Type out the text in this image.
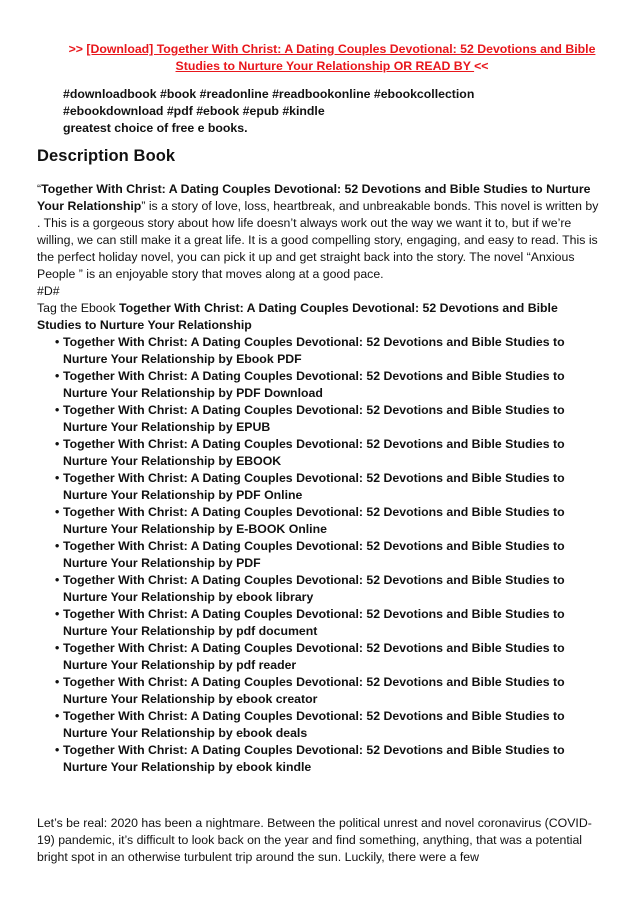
>> [Download] Together With Christ: A Dating Couples Devotional: 52 Devotions and Bible Studies to Nurture Your Relationship OR READ BY <<
#downloadbook #book #readonline #readbookonline #ebookcollection
#ebookdownload #pdf #ebook #epub #kindle
greatest choice of free e books.
Description Book

“Together With Christ: A Dating Couples Devotional: 52 Devotions and Bible Studies to Nurture Your Relationship” is a story of love, loss, heartbreak, and unbreakable bonds. This novel is written by . This is a gorgeous story about how life doesn’t always work out the way we want it to, but if we’re willing, we can still make it a great life. It is a good compelling story, engaging, and easy to read. This is the perfect holiday novel, you can pick it up and get straight back into the story. The novel “Anxious People ” is an enjoyable story that moves along at a good pace.

#D#

Tag the Ebook Together With Christ: A Dating Couples Devotional: 52 Devotions and Bible Studies to Nurture Your Relationship

• Together With Christ: A Dating Couples Devotional: 52 Devotions and Bible Studies to Nurture Your Relationship by Ebook PDF
• Together With Christ: A Dating Couples Devotional: 52 Devotions and Bible Studies to Nurture Your Relationship by PDF Download
• Together With Christ: A Dating Couples Devotional: 52 Devotions and Bible Studies to Nurture Your Relationship by EPUB
• Together With Christ: A Dating Couples Devotional: 52 Devotions and Bible Studies to Nurture Your Relationship by EBOOK
• Together With Christ: A Dating Couples Devotional: 52 Devotions and Bible Studies to Nurture Your Relationship by PDF Online
• Together With Christ: A Dating Couples Devotional: 52 Devotions and Bible Studies to Nurture Your Relationship by E-BOOK Online
• Together With Christ: A Dating Couples Devotional: 52 Devotions and Bible Studies to Nurture Your Relationship by PDF
• Together With Christ: A Dating Couples Devotional: 52 Devotions and Bible Studies to Nurture Your Relationship by ebook library
• Together With Christ: A Dating Couples Devotional: 52 Devotions and Bible Studies to Nurture Your Relationship by pdf document
• Together With Christ: A Dating Couples Devotional: 52 Devotions and Bible Studies to Nurture Your Relationship by pdf reader
• Together With Christ: A Dating Couples Devotional: 52 Devotions and Bible Studies to Nurture Your Relationship by ebook creator
• Together With Christ: A Dating Couples Devotional: 52 Devotions and Bible Studies to Nurture Your Relationship by ebook deals
• Together With Christ: A Dating Couples Devotional: 52 Devotions and Bible Studies to Nurture Your Relationship by ebook kindle
Let’s be real: 2020 has been a nightmare. Between the political unrest and novel coronavirus (COVID-19) pandemic, it’s difficult to look back on the year and find something, anything, that was a potential bright spot in an otherwise turbulent trip around the sun. Luckily, there were a few
